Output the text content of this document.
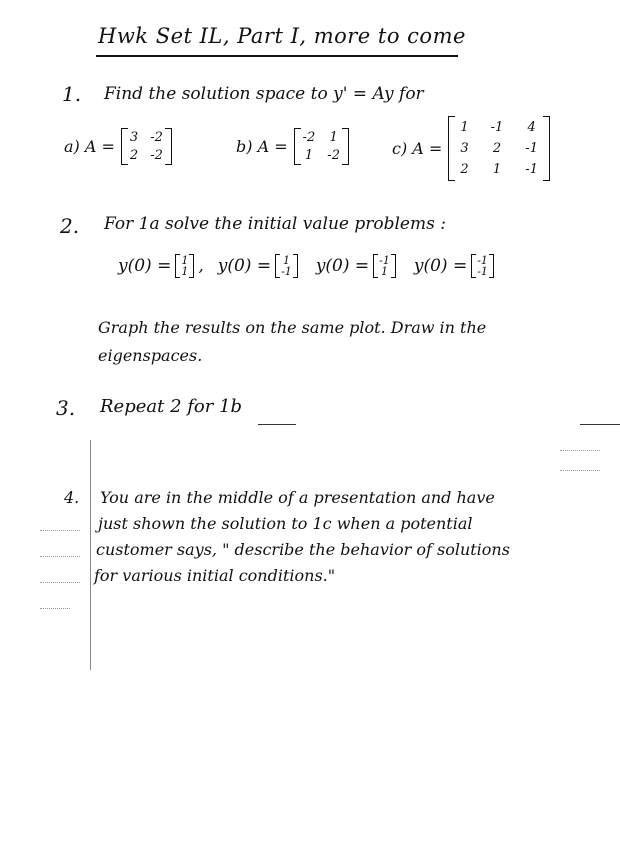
Hwk Set IL, Part I, more to come
1. Find the solution space to y' = Ay for
a) A = 3 -2
2 -2	b) A = -2 1
1 -2	c) A =
1 -1 4
3 2 -1
2 1 -1
2. For 1a solve the initial value problems :
y(0) = 1
1 , y(0) = 1
-1 y(0) = -1
1 y(0) = -1
-1
Graph the results on the same plot. Draw in the
eigenspaces.
3. Repeat 2 for 1b
4. You are in the middle of a presentation and have
just shown the solution to 1c when a potential
customer says, " describe the behavior of solutions
for various initial conditions."
